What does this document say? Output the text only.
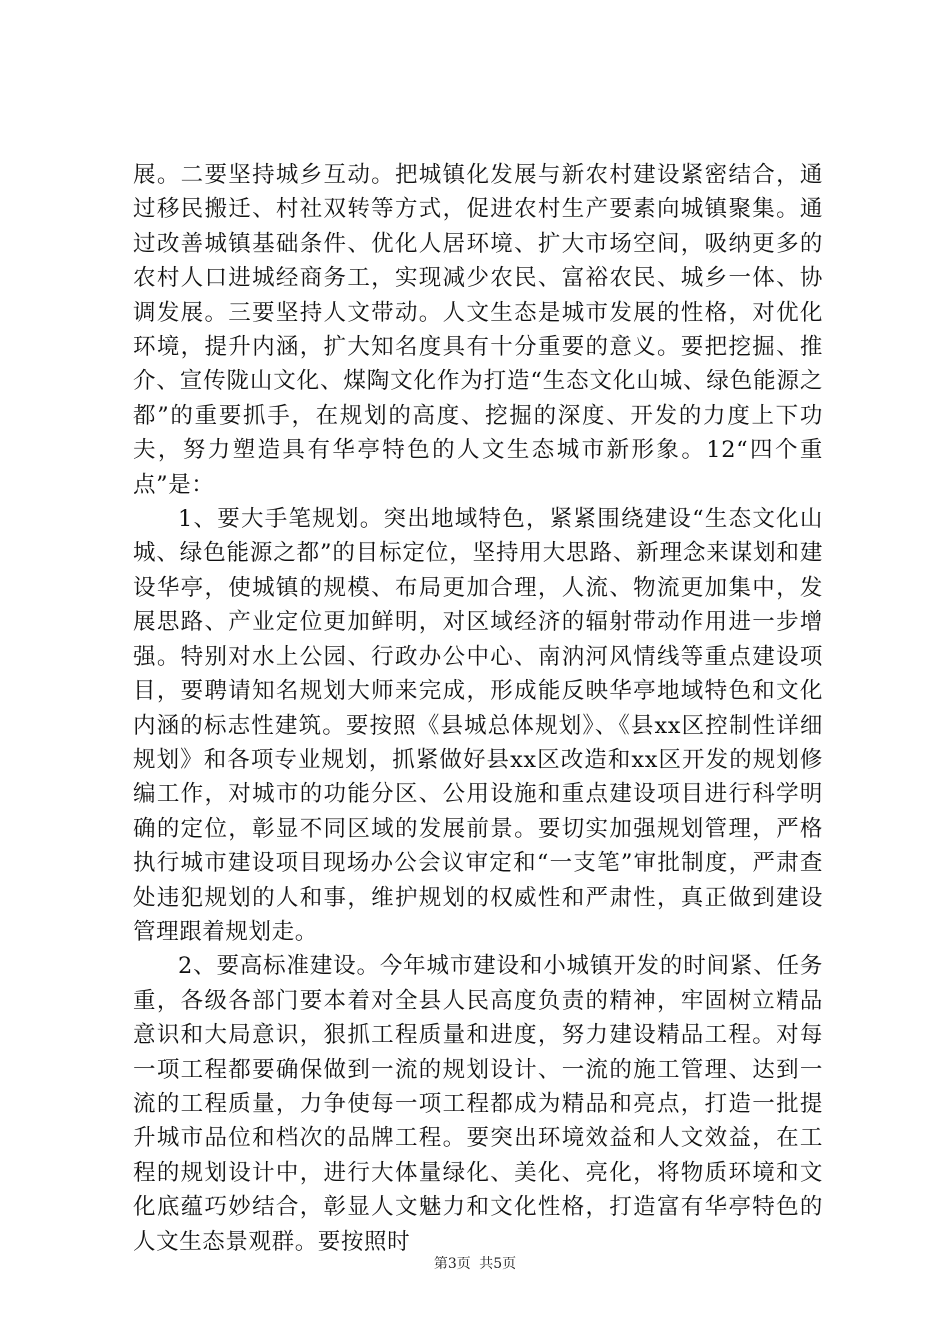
展。二要坚持城乡互动。把城镇化发展与新农村建设紧密结合，通过移民搬迁、村社双转等方式，促进农村生产要素向城镇聚集。通过改善城镇基础条件、优化人居环境、扩大市场空间，吸纳更多的农村人口进城经商务工，实现减少农民、富裕农民、城乡一体、协调发展。三要坚持人文带动。人文生态是城市发展的性格，对优化环境，提升内涵，扩大知名度具有十分重要的意义。要把挖掘、推介、宣传陇山文化、煤陶文化作为打造“生态文化山城、绿色能源之都”的重要抓手，在规划的高度、挖掘的深度、开发的力度上下功夫，努力塑造具有华亭特色的人文生态城市新形象。12“四个重点”是：

1、要大手笔规划。突出地域特色，紧紧围绕建设“生态文化山城、绿色能源之都”的目标定位，坚持用大思路、新理念来谋划和建设华亭，使城镇的规模、布局更加合理，人流、物流更加集中，发展思路、产业定位更加鲜明，对区域经济的辐射带动作用进一步增强。特别对水上公园、行政办公中心、南汭河风情线等重点建设项目，要聘请知名规划大师来完成，形成能反映华亭地域特色和文化内涵的标志性建筑。要按照《县城总体规划》、《县xx区控制性详细规划》和各项专业规划，抓紧做好县xx区改造和xx区开发的规划修编工作，对城市的功能分区、公用设施和重点建设项目进行科学明确的定位，彰显不同区域的发展前景。要切实加强规划管理，严格执行城市建设项目现场办公会议审定和“一支笔”审批制度，严肃查处违犯规划的人和事，维护规划的权威性和严肃性，真正做到建设管理跟着规划走。

2、要高标准建设。今年城市建设和小城镇开发的时间紧、任务重，各级各部门要本着对全县人民高度负责的精神，牢固树立精品意识和大局意识，狠抓工程质量和进度，努力建设精品工程。对每一项工程都要确保做到一流的规划设计、一流的施工管理、达到一流的工程质量，力争使每一项工程都成为精品和亮点，打造一批提升城市品位和档次的品牌工程。要突出环境效益和人文效益，在工程的规划设计中，进行大体量绿化、美化、亮化，将物质环境和文化底蕴巧妙结合，彰显人文魅力和文化性格，打造富有华亭特色的人文生态景观群。要按照时

第3页 共5页
